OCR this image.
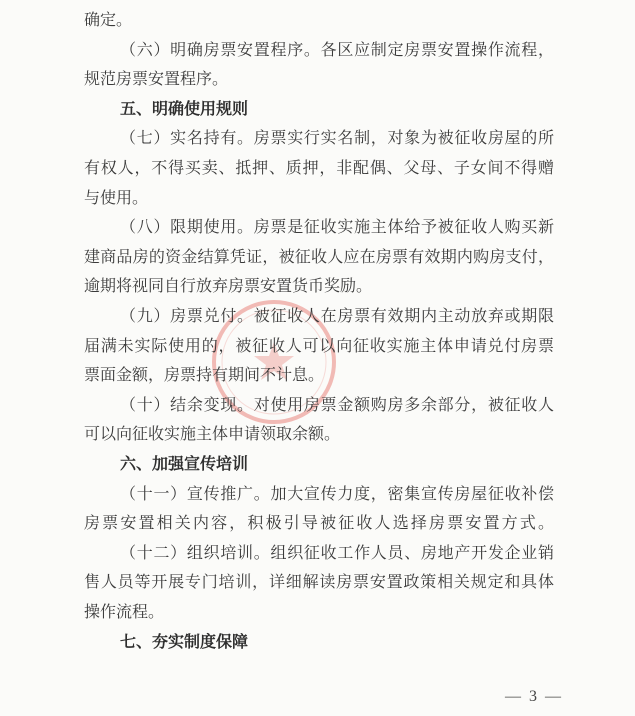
确定。
（六）明确房票安置程序。各区应制定房票安置操作流程，
规范房票安置程序。
五、明确使用规则
（七）实名持有。房票实行实名制，对象为被征收房屋的所
有权人，不得买卖、抵押、质押，非配偶、父母、子女间不得赠
与使用。
（八）限期使用。房票是征收实施主体给予被征收人购买新
建商品房的资金结算凭证，被征收人应在房票有效期内购房支付，
逾期将视同自行放弃房票安置货币奖励。
（九）房票兑付。被征收人在房票有效期内主动放弃或期限
届满未实际使用的，被征收人可以向征收实施主体申请兑付房票
票面金额，房票持有期间不计息。
（十）结余变现。对使用房票金额购房多余部分，被征收人
可以向征收实施主体申请领取余额。
六、加强宣传培训
（十一）宣传推广。加大宣传力度，密集宣传房屋征收补偿
房票安置相关内容，积极引导被征收人选择房票安置方式。
（十二）组织培训。组织征收工作人员、房地产开发企业销
售人员等开展专门培训，详细解读房票安置政策相关规定和具体
操作流程。
七、夯实制度保障
— 3 —
